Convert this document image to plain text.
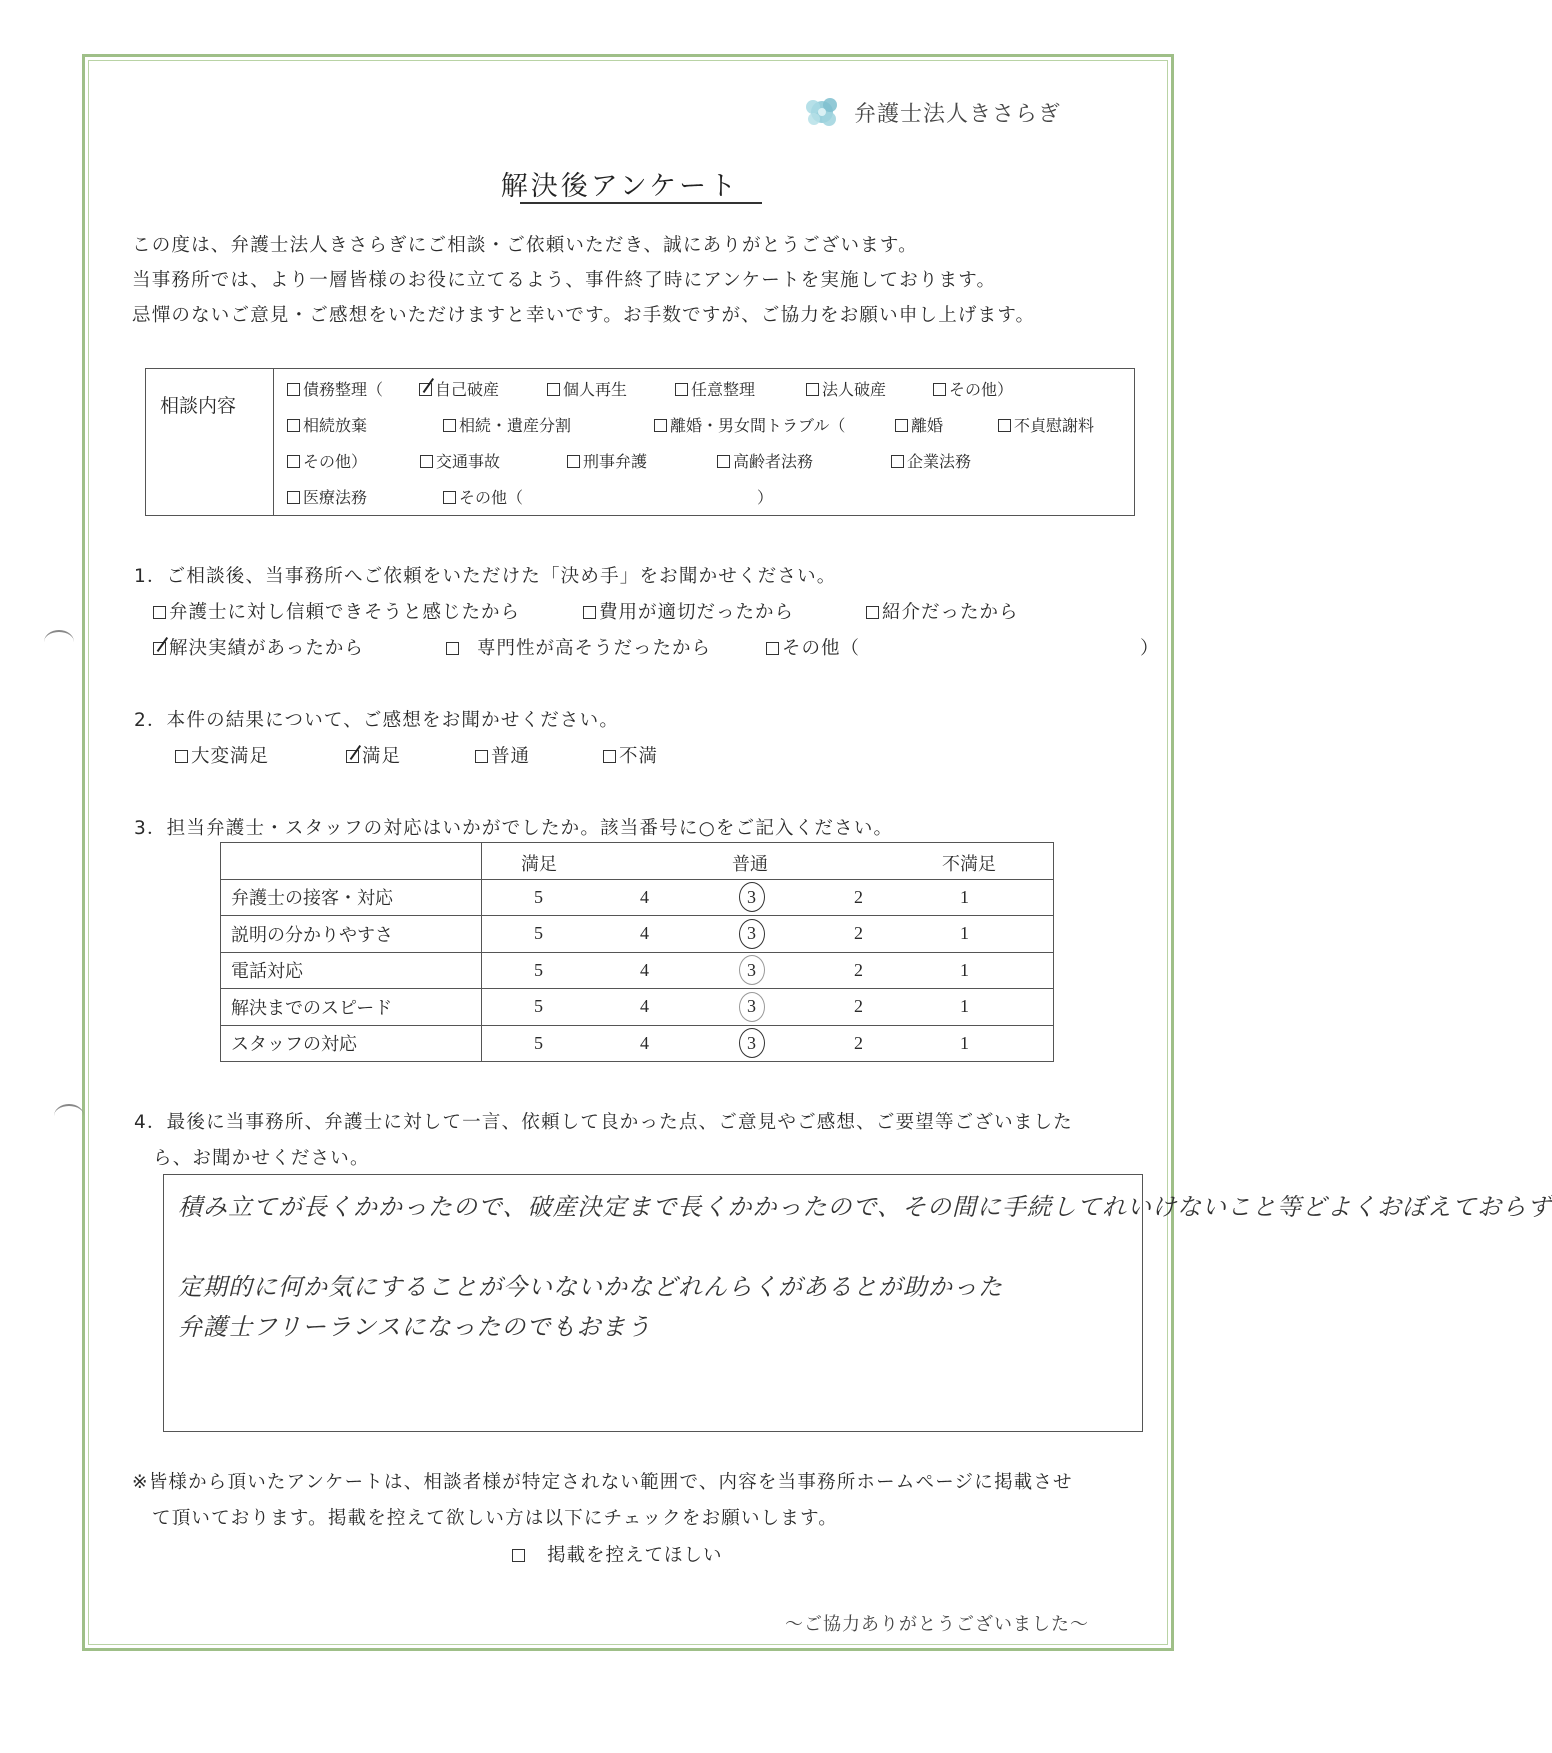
弁護士法人きさらぎ
解決後アンケート
この度は、弁護士法人きさらぎにご相談・ご依頼いただき、誠にありがとうございます。
当事務所では、より一層皆様のお役に立てるよう、事件終了時にアンケートを実施しております。
忌憚のないご意見・ご感想をいただけますと幸いです。お手数ですが、ご協力をお願い申し上げます。
相談内容
債務整理（	自己破産	個人再生	任意整理	法人破産	その他）
相続放棄	相続・遺産分割	離婚・男女間トラブル（	離婚	不貞慰謝料
その他）	交通事故	刑事弁護	高齢者法務	企業法務
医療法務	その他（	）
1．ご相談後、当事務所へご依頼をいただけた「決め手」をお聞かせください。
弁護士に対し信頼できそうと感じたから	費用が適切だったから	紹介だったから
解決実績があったから	専門性が高そうだったから	その他（	）
2．本件の結果について、ご感想をお聞かせください。
大変満足	満足	普通	不満
3．担当弁護士・スタッフの対応はいかがでしたか。該当番号に○をご記入ください。

	満足 普通 不満足

弁護士の接客・対応	5 4 3 2 1

説明の分かりやすさ	5 4 3 2 1

電話対応	5 4 3 2 1

解決までのスピード	5 4 3 2 1

スタッフの対応	5 4 3 2 1
4．最後に当事務所、弁護士に対して一言、依頼して良かった点、ご意見やご感想、ご要望等ございました
ら、お聞かせください。
積み立てが長くかかったので、破産決定まで長くかかったので、その間に手続してれいけないこと等どよくおぼえておらず
定期的に何か気にすることが今いないかなどれんらくがあるとが助かった
弁護士フリーランスになったのでもおまう
※皆様から頂いたアンケートは、相談者様が特定されない範囲で、内容を当事務所ホームページに掲載させ
て頂いております。掲載を控えて欲しい方は以下にチェックをお願いします。
掲載を控えてほしい
～ご協力ありがとうございました～
